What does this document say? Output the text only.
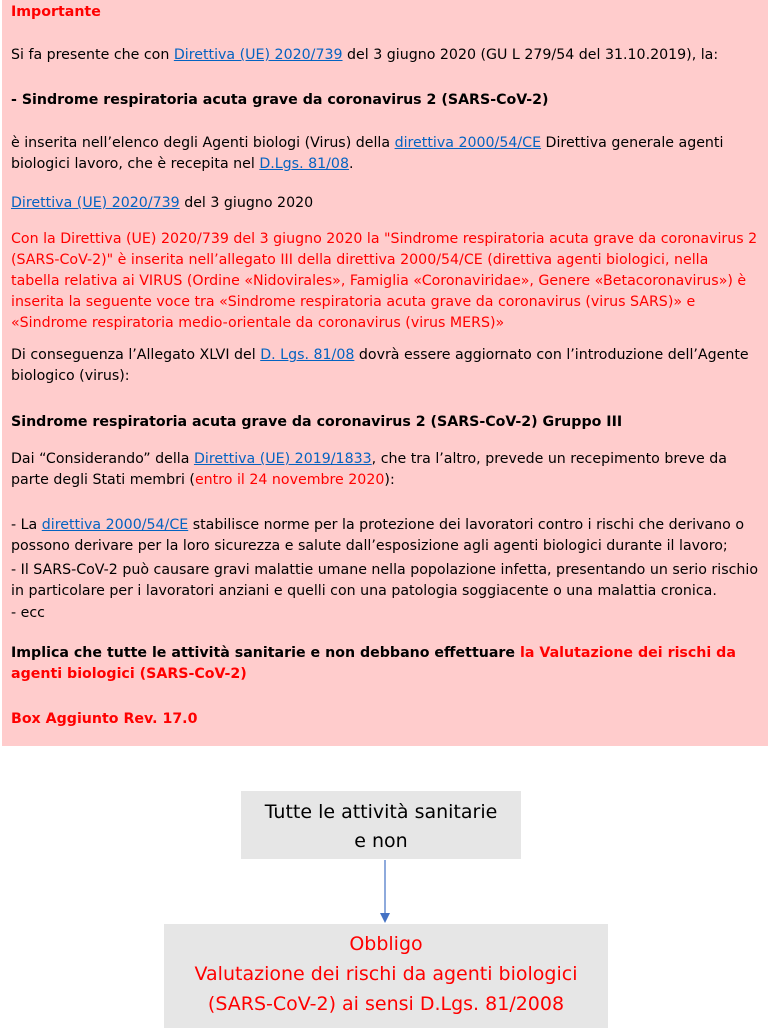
Importante

Si fa presente che con Direttiva (UE) 2020/739 del 3 giugno 2020 (GU L 279/54 del 31.10.2019), la:

- Sindrome respiratoria acuta grave da coronavirus 2 (SARS-CoV-2)

è inserita nell’elenco degli Agenti biologi (Virus) della direttiva 2000/54/CE Direttiva generale agenti biologici lavoro, che è recepita nel D.Lgs. 81/08.

Direttiva (UE) 2020/739 del 3 giugno 2020

Con la Direttiva (UE) 2020/739 del 3 giugno 2020 la "Sindrome respiratoria acuta grave da coronavirus 2 (SARS-CoV-2)" è inserita nell’allegato III della direttiva 2000/54/CE (direttiva agenti biologici, nella tabella relativa ai VIRUS (Ordine «Nidovirales», Famiglia «Coronaviridae», Genere «Betacoronavirus») è inserita la seguente voce tra «Sindrome respiratoria acuta grave da coronavirus (virus SARS)» e «Sindrome respiratoria medio-orientale da coronavirus (virus MERS)»

Di conseguenza l’Allegato XLVI del D. Lgs. 81/08 dovrà essere aggiornato con l’introduzione dell’Agente biologico (virus):

Sindrome respiratoria acuta grave da coronavirus 2 (SARS-CoV-2) Gruppo III

Dai “Considerando” della Direttiva (UE) 2019/1833, che tra l’altro, prevede un recepimento breve da parte degli Stati membri (entro il 24 novembre 2020):

- La direttiva 2000/54/CE stabilisce norme per la protezione dei lavoratori contro i rischi che derivano o possono derivare per la loro sicurezza e salute dall’esposizione agli agenti biologici durante il lavoro;

- Il SARS-CoV-2 può causare gravi malattie umane nella popolazione infetta, presentando un serio rischio in particolare per i lavoratori anziani e quelli con una patologia soggiacente o una malattia cronica.

- ecc

Implica che tutte le attività sanitarie e non debbano effettuare la Valutazione dei rischi da agenti biologici (SARS-CoV-2)

Box Aggiunto Rev. 17.0

Tutte le attività sanitarie
e non
Obbligo
Valutazione dei rischi da agenti biologici
(SARS-CoV-2) ai sensi D.Lgs. 81/2008
